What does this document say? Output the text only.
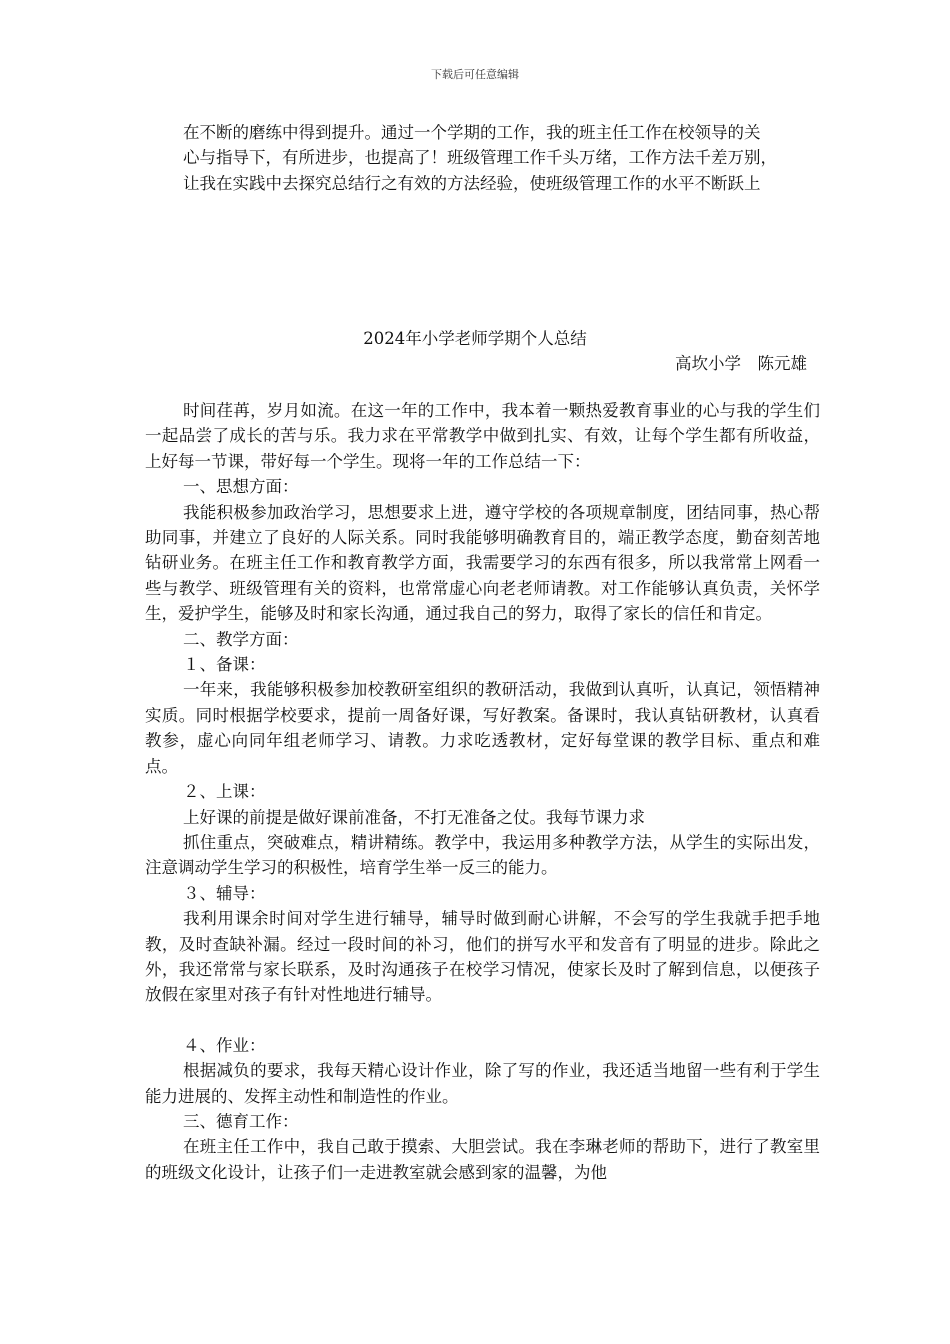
下载后可任意编辑

在不断的磨练中得到提升。通过一个学期的工作，我的班主任工作在校领导的关

心与指导下，有所进步，也提高了！班级管理工作千头万绪，工作方法千差万别，

让我在实践中去探究总结行之有效的方法经验，使班级管理工作的水平不断跃上

2024年小学老师学期个人总结
高坎小学　陈元雄

时间荏苒，岁月如流。在这一年的工作中，我本着一颗热爱教育事业的心与我的学生们一起品尝了成长的苦与乐。我力求在平常教学中做到扎实、有效，让每个学生都有所收益，上好每一节课，带好每一个学生。现将一年的工作总结一下：

一、思想方面：

我能积极参加政治学习，思想要求上进，遵守学校的各项规章制度，团结同事，热心帮助同事，并建立了良好的人际关系。同时我能够明确教育目的，端正教学态度，勤奋刻苦地钻研业务。在班主任工作和教育教学方面，我需要学习的东西有很多，所以我常常上网看一些与教学、班级管理有关的资料，也常常虚心向老老师请教。对工作能够认真负责，关怀学生，爱护学生，能够及时和家长沟通，通过我自己的努力，取得了家长的信任和肯定。

二、教学方面：

１、备课：

一年来，我能够积极参加校教研室组织的教研活动，我做到认真听，认真记，领悟精神实质。同时根据学校要求，提前一周备好课，写好教案。备课时，我认真钻研教材，认真看教参，虚心向同年组老师学习、请教。力求吃透教材，定好每堂课的教学目标、重点和难点。

２、上课：

上好课的前提是做好课前准备，不打无准备之仗。我每节课力求

抓住重点，突破难点，精讲精练。教学中，我运用多种教学方法，从学生的实际出发，注意调动学生学习的积极性，培育学生举一反三的能力。

３、辅导：

我利用课余时间对学生进行辅导，辅导时做到耐心讲解，不会写的学生我就手把手地教，及时查缺补漏。经过一段时间的补习，他们的拼写水平和发音有了明显的进步。除此之外，我还常常与家长联系，及时沟通孩子在校学习情况，使家长及时了解到信息，以便孩子放假在家里对孩子有针对性地进行辅导。

４、作业：

根据减负的要求，我每天精心设计作业，除了写的作业，我还适当地留一些有利于学生能力进展的、发挥主动性和制造性的作业。

三、德育工作：

在班主任工作中，我自己敢于摸索、大胆尝试。我在李琳老师的帮助下，进行了教室里的班级文化设计，让孩子们一走进教室就会感到家的温馨，为他
